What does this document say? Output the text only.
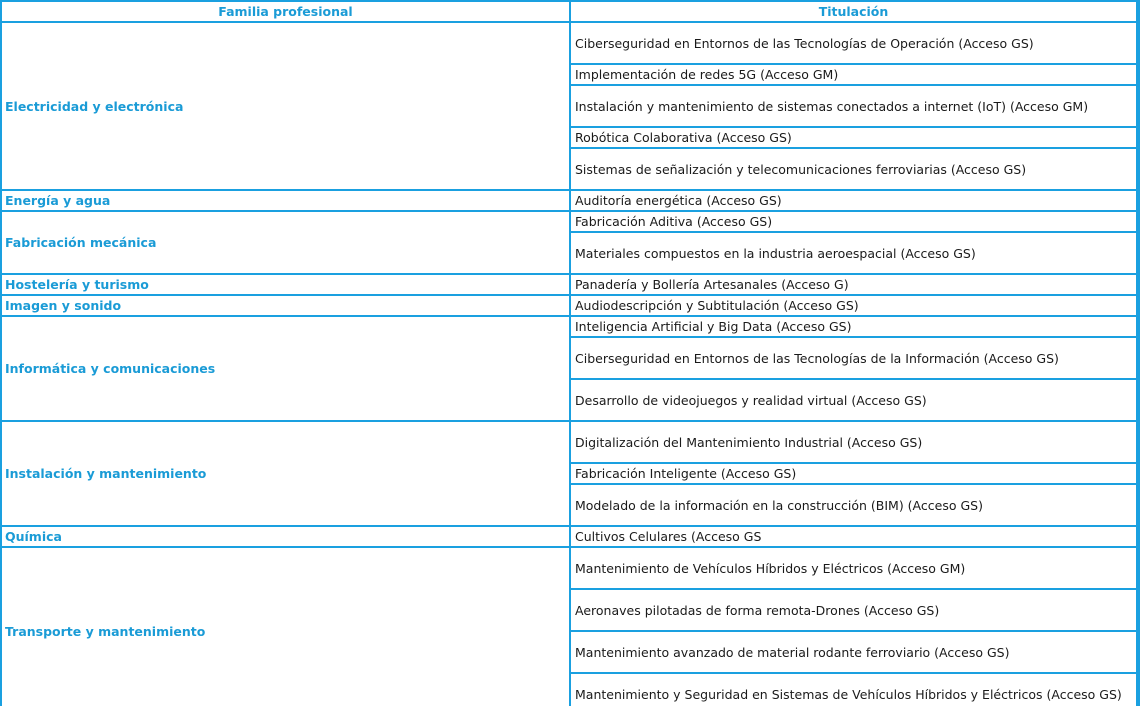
Familia profesional	Titulación
Ciberseguridad en Entornos de las Tecnologías de Operación (Acceso GS)
Implementación de redes 5G (Acceso GM)
Instalación y mantenimiento de sistemas conectados a internet (IoT) (Acceso GM)
Robótica Colaborativa (Acceso GS)
Sistemas de señalización y telecomunicaciones ferroviarias (Acceso GS)
Electricidad y electrónica
Auditoría energética (Acceso GS)
Energía y agua
Fabricación Aditiva (Acceso GS)
Materiales compuestos en la industria aeroespacial (Acceso GS)
Fabricación mecánica
Panadería y Bollería Artesanales (Acceso G)
Hostelería y turismo
Audiodescripción y Subtitulación (Acceso GS)
Imagen y sonido
Inteligencia Artificial y Big Data (Acceso GS)
Ciberseguridad en Entornos de las Tecnologías de la Información (Acceso GS)
Desarrollo de videojuegos y realidad virtual (Acceso GS)
Informática y comunicaciones
Digitalización del Mantenimiento Industrial (Acceso GS)
Fabricación Inteligente (Acceso GS)
Modelado de la información en la construcción (BIM) (Acceso GS)
Instalación y mantenimiento
Cultivos Celulares (Acceso GS
Química
Mantenimiento de Vehículos Híbridos y Eléctricos (Acceso GM)
Aeronaves pilotadas de forma remota-Drones (Acceso GS)
Mantenimiento avanzado de material rodante ferroviario (Acceso GS)
Mantenimiento y Seguridad en Sistemas de Vehículos Híbridos y Eléctricos (Acceso GS)
Transporte y mantenimiento
